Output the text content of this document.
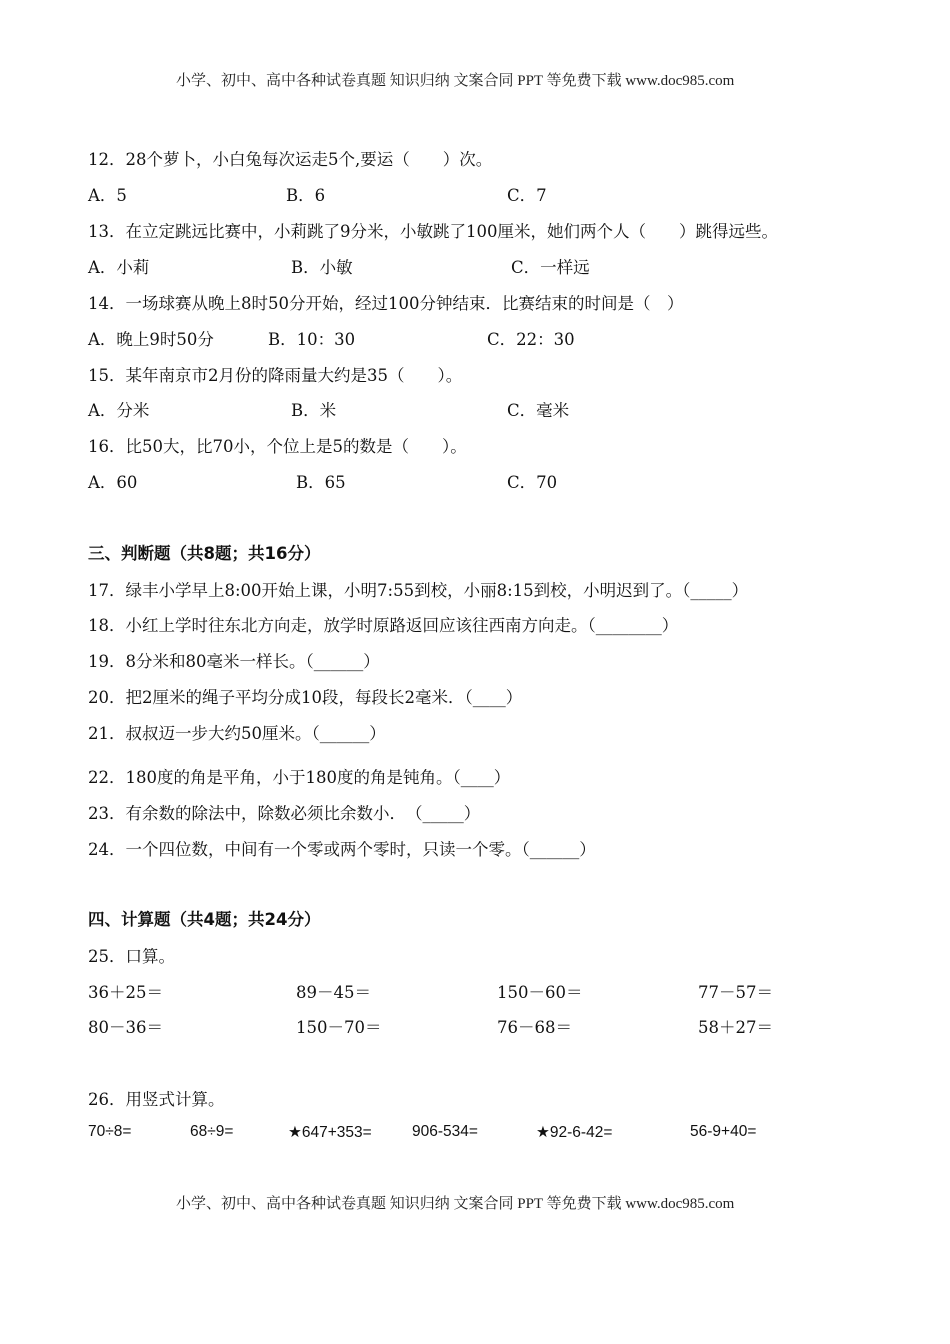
小学、初中、高中各种试卷真题 知识归纳 文案合同 PPT 等免费下载 www.doc985.com
12．28个萝卜，小白兔每次运走5个,要运（　　）次。
A．5	B．6	C．7
13．在立定跳远比赛中，小莉跳了9分米，小敏跳了100厘米，她们两个人（　　）跳得远些。
A．小莉	B．小敏	C．一样远
14．一场球赛从晚上8时50分开始，经过100分钟结束．比赛结束的时间是（　）
A．晚上9时50分	B．10：30	C．22：30
15．某年南京市2月份的降雨量大约是35（　　）。
A．分米	B．米	C．毫米
16．比50大，比70小，个位上是5的数是（　　）。
A．60	B．65	C．70
三、判断题（共8题；共16分）
17．绿丰小学早上8:00开始上课，小明7:55到校，小丽8:15到校，小明迟到了。（_____）
18．小红上学时往东北方向走，放学时原路返回应该往西南方向走。（________）
19．8分米和80毫米一样长。（______）
20．把2厘米的绳子平均分成10段，每段长2毫米．（____）
21．叔叔迈一步大约50厘米。（______）
22．180度的角是平角，小于180度的角是钝角。（____）
23．有余数的除法中，除数必须比余数小．　（_____）
24．一个四位数，中间有一个零或两个零时，只读一个零。（______）
四、计算题（共4题；共24分）
25．口算。
36＋25＝	89－45＝	150－60＝	77－57＝
80－36＝	150－70＝	76－68＝	58＋27＝
26．用竖式计算。
70÷8=	68÷9=	★647+353=	906-534=	★92-6-42=	56-9+40=
小学、初中、高中各种试卷真题 知识归纳 文案合同 PPT 等免费下载 www.doc985.com
